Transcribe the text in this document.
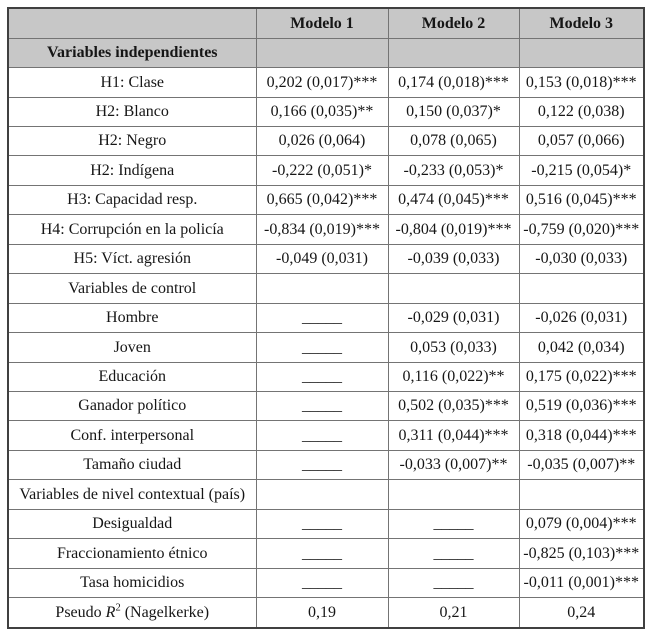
	Modelo 1	Modelo 2	Modelo 3
Variables independientes			
H1: Clase	0,202 (0,017)***	0,174 (0,018)***	0,153 (0,018)***
H2: Blanco	0,166 (0,035)**	0,150 (0,037)*	0,122 (0,038)
H2: Negro	0,026 (0,064)	0,078 (0,065)	0,057 (0,066)
H2: Indígena	-0,222 (0,051)*	-0,233 (0,053)*	-0,215 (0,054)*
H3: Capacidad resp.	0,665 (0,042)***	0,474 (0,045)***	0,516 (0,045)***
H4: Corrupción en la policía	-0,834 (0,019)***	-0,804 (0,019)***	-0,759 (0,020)***
H5: Víct. agresión	-0,049 (0,031)	-0,039 (0,033)	-0,030 (0,033)
Variables de control			
Hombre	_____	-0,029 (0,031)	-0,026 (0,031)
Joven	_____	0,053 (0,033)	0,042 (0,034)
Educación	_____	0,116 (0,022)**	0,175 (0,022)***
Ganador político	_____	0,502 (0,035)***	0,519 (0,036)***
Conf. interpersonal	_____	0,311 (0,044)***	0,318 (0,044)***
Tamaño ciudad	_____	-0,033 (0,007)**	-0,035 (0,007)**
Variables de nivel contextual (país)			
Desigualdad	_____	_____	0,079 (0,004)***
Fraccionamiento étnico	_____	_____	-0,825 (0,103)***
Tasa homicidios	_____	_____	-0,011 (0,001)***
Pseudo $R^2$ (Nagelkerke)	0,19	0,21	0,24
